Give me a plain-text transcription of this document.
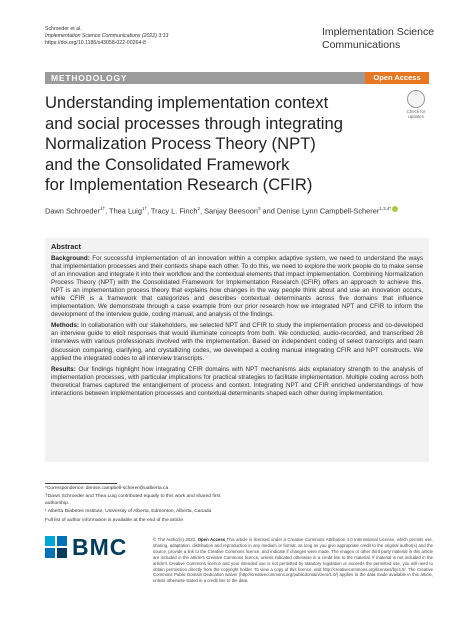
Schroeder et al.
Implementation Science Communications (2022) 3:13
https://doi.org/10.1186/s43058-022-00264-8
Implementation Science
Communications
METHODOLOGY	Open Access
Check for
updates
Understanding implementation context
and social processes through integrating
Normalization Process Theory (NPT)
and the Consolidated Framework
for Implementation Research (CFIR)
Dawn Schroeder$^{1\dagger}$, Thea Luig$^{1\dagger}$, Tracy L. Finch$^2$, Sanjay Beesoon$^3$ and Denise Lynn Campbell-Scherer$^{1,3,4*}$
Abstract

Background: For successful implementation of an innovation within a complex adaptive system, we need to understand the ways that implementation processes and their contexts shape each other. To do this, we need to explore the work people do to make sense of an innovation and integrate it into their workflow and the contextual elements that impact implementation. Combining Normalization Process Theory (NPT) with the Consolidated Framework for Implementation Research (CFIR) offers an approach to achieve this. NPT is an implementation process theory that explains how changes in the way people think about and use an innovation occurs, while CFIR is a framework that categorizes and describes contextual determinants across five domains that influence implementation. We demonstrate through a case example from our prior research how we integrated NPT and CFIR to inform the development of the interview guide, coding manual, and analysis of the findings.

Methods: In collaboration with our stakeholders, we selected NPT and CFIR to study the implementation process and co-developed an interview guide to elicit responses that would illuminate concepts from both. We conducted, audio-recorded, and transcribed 28 interviews with various professionals involved with the implementation. Based on independent coding of select transcripts and team discussion comparing, clarifying, and crystallizing codes, we developed a coding manual integrating CFIR and NPT constructs. We applied the integrated codes to all interview transcripts.

Results: Our findings highlight how integrating CFIR domains with NPT mechanisms aids explanatory strength to the analysis of implementation processes, with particular implications for practical strategies to facilitate implementation. Multiple coding across both theoretical frames captured the entanglement of process and context. Integrating NPT and CFIR enriched understandings of how interactions between implementation processes and contextual determinants shaped each other during implementation.

*Correspondence: denise.campbell-scherer@ualberta.ca
†Dawn Schroeder and Thea Luig contributed equally to this work and shared first authorship.
¹ Alberta Diabetes Institute, University of Alberta, Edmonton, Alberta, Canada
Full list of author information is available at the end of the article
BMC	© The Author(s) 2022. Open Access This article is licensed under a Creative Commons Attribution 4.0 International License, which permits use, sharing, adaptation, distribution and reproduction in any medium or format, as long as you give appropriate credit to the original author(s) and the source, provide a link to the Creative Commons licence, and indicate if changes were made. The images or other third party material in this article are included in the article's Creative Commons licence, unless indicated otherwise in a credit line to the material. If material is not included in the article's Creative Commons licence and your intended use is not permitted by statutory regulation or exceeds the permitted use, you will need to obtain permission directly from the copyright holder. To view a copy of this licence, visit http://creativecommons.org/licenses/by/4.0/. The Creative Commons Public Domain Dedication waiver (http://creativecommons.org/publicdomain/zero/1.0/) applies to the data made available in this article, unless otherwise stated in a credit line to the data.
